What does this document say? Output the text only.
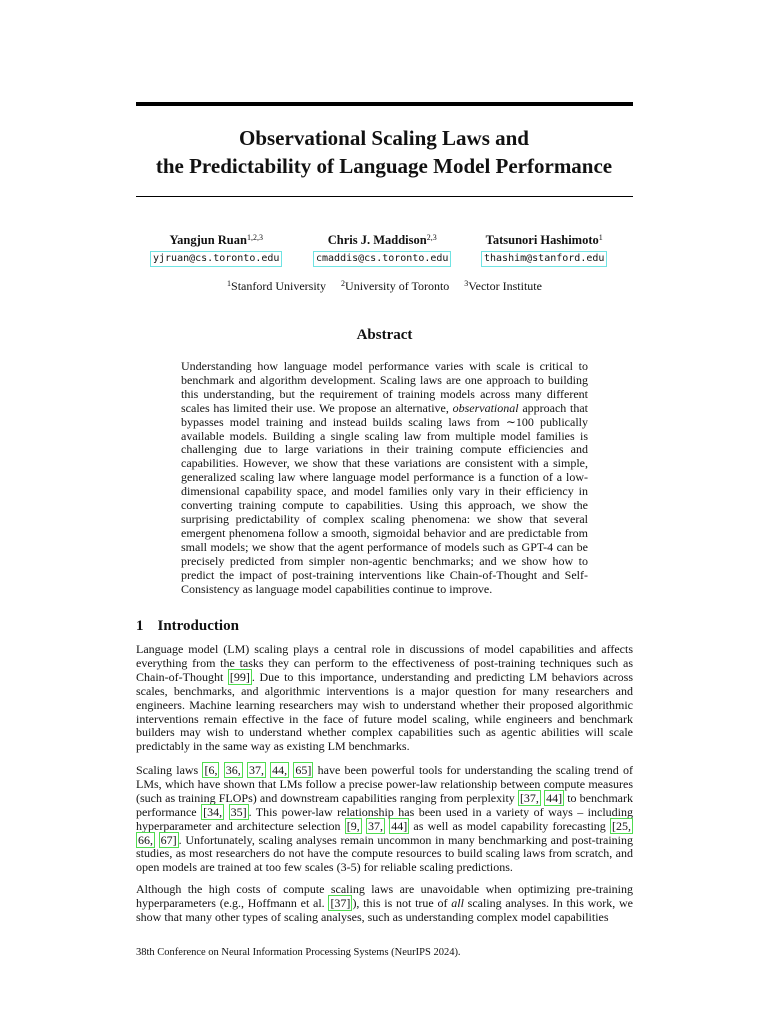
Observational Scaling Laws and
the Predictability of Language Model Performance
Yangjun Ruan$^{1,2,3}$
yjruan@cs.toronto.edu
Chris J. Maddison$^{2,3}$
cmaddis@cs.toronto.edu
Tatsunori Hashimoto$^1$
thashim@stanford.edu
$^1$Stanford University $^2$University of Toronto $^3$Vector Institute
Abstract

Understanding how language model performance varies with scale is critical to benchmark and algorithm development. Scaling laws are one approach to building this understanding, but the requirement of training models across many different scales has limited their use. We propose an alternative, observational approach that bypasses model training and instead builds scaling laws from ∼100 publically available models. Building a single scaling law from multiple model families is challenging due to large variations in their training compute efficiencies and capabilities. However, we show that these variations are consistent with a simple, generalized scaling law where language model performance is a function of a low-dimensional capability space, and model families only vary in their efficiency in converting training compute to capabilities. Using this approach, we show the surprising predictability of complex scaling phenomena: we show that several emergent phenomena follow a smooth, sigmoidal behavior and are predictable from small models; we show that the agent performance of models such as GPT-4 can be precisely predicted from simpler non-agentic benchmarks; and we show how to predict the impact of post-training interventions like Chain-of-Thought and Self-Consistency as language model capabilities continue to improve.

1 Introduction

Language model (LM) scaling plays a central role in discussions of model capabilities and affects everything from the tasks they can perform to the effectiveness of post-training techniques such as Chain-of-Thought [99] . Due to this importance, understanding and predicting LM behaviors across scales, benchmarks, and algorithmic interventions is a major question for many researchers and engineers. Machine learning researchers may wish to understand whether their proposed algorithmic interventions remain effective in the face of future model scaling, while engineers and benchmark builders may wish to understand whether complex capabilities such as agentic abilities will scale predictably in the same way as existing LM benchmarks.

Scaling laws [6, 36, 37, 44, 65] have been powerful tools for understanding the scaling trend of LMs, which have shown that LMs follow a precise power-law relationship between compute measures (such as training FLOPs) and downstream capabilities ranging from perplexity [37, 44] to benchmark performance [34, 35] . This power-law relationship has been used in a variety of ways – including hyperparameter and architecture selection [9, 37, 44] as well as model capability forecasting [25, 66, 67] . Unfortunately, scaling analyses remain uncommon in many benchmarking and post-training studies, as most researchers do not have the compute resources to build scaling laws from scratch, and open models are trained at too few scales (3-5) for reliable scaling predictions.

Although the high costs of compute scaling laws are unavoidable when optimizing pre-training hyperparameters (e.g., Hoffmann et al. [37] ), this is not true of all scaling analyses. In this work, we show that many other types of scaling analyses, such as understanding complex model capabilities

38th Conference on Neural Information Processing Systems (NeurIPS 2024).
